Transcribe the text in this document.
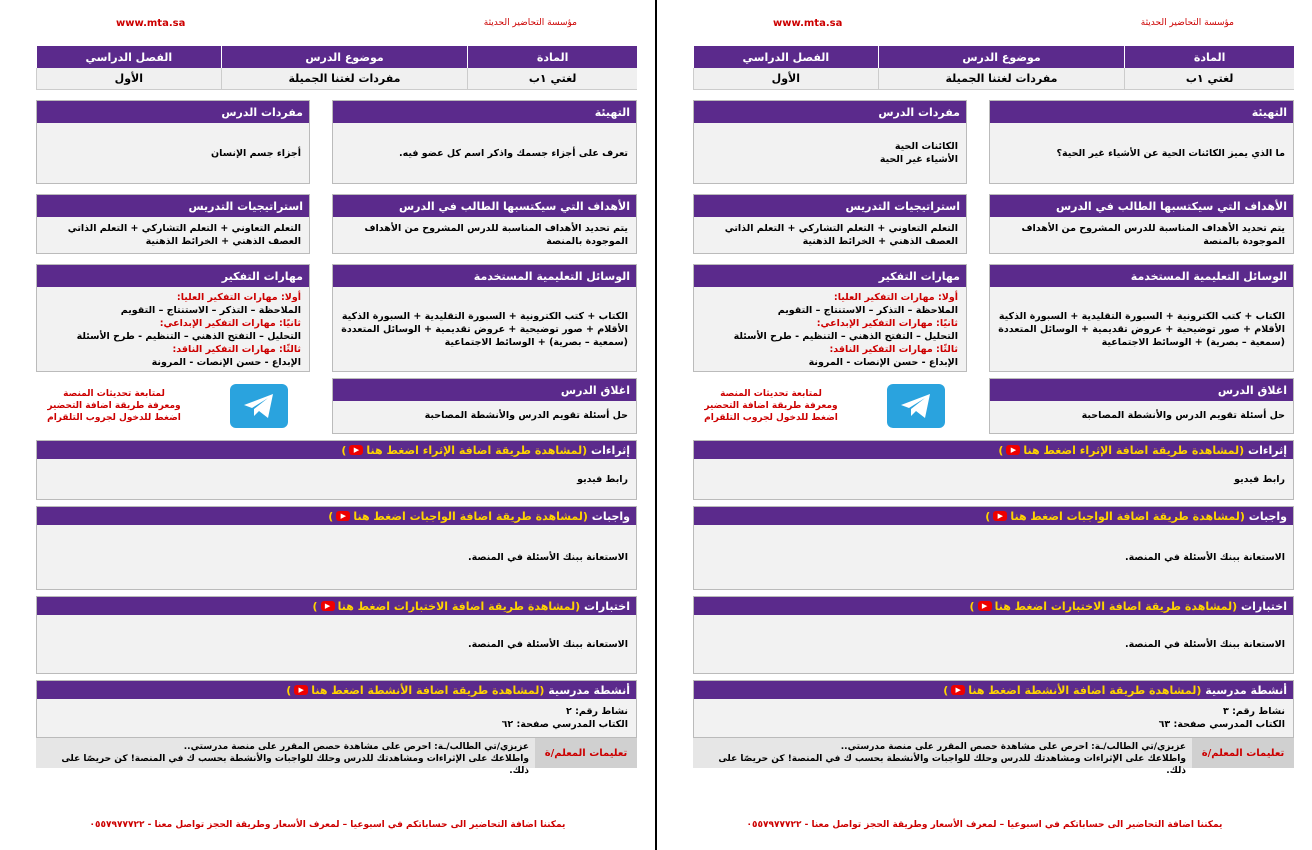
www.mta.sa	مؤسسة التحاضير الحديثة
المادة
موضوع الدرس
الفصل الدراسي
لغتي ١ب
مفردات لغتنا الجميلة
الأول
التهيئة
تعرف على أجزاء جسمك واذكر اسم كل عضو فيه.
مفردات الدرس
أجزاء جسم الإنسان
الأهداف التي سيكتسبها الطالب في الدرس
يتم تحديد الأهداف المناسبة للدرس المشروح من الأهداف الموجودة بالمنصة
استراتيجيات التدريس
التعلم التعاوني + التعلم التشاركي + التعلم الذاتي
العصف الذهني + الخرائط الذهنية
الوسائل التعليمية المستخدمة
الكتاب + كتب الكترونية + السبورة التقليدية + السبورة الذكية
الأقلام + صور توضيحية + عروض تقديمية + الوسائل المتعددة
(سمعية – بصرية) + الوسائط الاجتماعية
مهارات التفكير
أولا: مهارات التفكير العليا:
الملاحظة – التذكر – الاستنتاج – التقويم
ثانيًا: مهارات التفكير الإبداعي:
التحليل – التفتح الذهني – التنظيم - طرح الأسئلة
ثالثًا: مهارات التفكير الناقد:
الإبداع - حسن الإنصات - المرونة
اغلاق الدرس
حل أسئلة تقويم الدرس والأنشطة المصاحبة
لمتابعة تحديثات المنصة
ومعرفة طريقة اضافة التحضير
اضغط للدخول لجروب التلقرام
إثراءات

(لمشاهدة طريقة اضافة الإثراء اضغط هنا
▶
)
رابط فيديو
واجبات

(لمشاهدة طريقة اضافة الواجبات اضغط هنا
▶
)
الاستعانة ببنك الأسئلة في المنصة.
اختبارات

(لمشاهدة طريقة اضافة الاختبارات اضغط هنا
▶
)
الاستعانة ببنك الأسئلة في المنصة.
أنشطة مدرسية

(لمشاهدة طريقة اضافة الأنشطة اضغط هنا
▶
)
نشاط رقم: ٢
الكتاب المدرسي صفحة: ٦٢
تعليمات المعلم/ة
عزيزي/تي الطالب/ـة: احرص على مشاهدة حصص المقرر على منصة مدرستي..
واطلاعك على الإثراءات ومشاهدتك للدرس وحلك للواجبات والأنشطة بحسب ك في المنصة! كن حريصًا على ذلك.
يمكننا اضافة التحاضير الى حساباتكم في اسبوعيا – لمعرف الأسعار وطريقة الحجز تواصل معنا - ٠٥٥٧٩٧٧٧٢٢
www.mta.sa	مؤسسة التحاضير الحديثة
المادة
موضوع الدرس
الفصل الدراسي
لغتي ١ب
مفردات لغتنا الجميلة
الأول
التهيئة
ما الذي يميز الكائنات الحية عن الأشياء غير الحية؟
مفردات الدرس
الكائنات الحية
الأشياء غير الحية
الأهداف التي سيكتسبها الطالب في الدرس
يتم تحديد الأهداف المناسبة للدرس المشروح من الأهداف الموجودة بالمنصة
استراتيجيات التدريس
التعلم التعاوني + التعلم التشاركي + التعلم الذاتي
العصف الذهني + الخرائط الذهنية
الوسائل التعليمية المستخدمة
الكتاب + كتب الكترونية + السبورة التقليدية + السبورة الذكية
الأقلام + صور توضيحية + عروض تقديمية + الوسائل المتعددة
(سمعية – بصرية) + الوسائط الاجتماعية
مهارات التفكير
أولا: مهارات التفكير العليا:
الملاحظة – التذكر – الاستنتاج – التقويم
ثانيًا: مهارات التفكير الإبداعي:
التحليل – التفتح الذهني – التنظيم - طرح الأسئلة
ثالثًا: مهارات التفكير الناقد:
الإبداع - حسن الإنصات - المرونة
اغلاق الدرس
حل أسئلة تقويم الدرس والأنشطة المصاحبة
لمتابعة تحديثات المنصة
ومعرفة طريقة اضافة التحضير
اضغط للدخول لجروب التلقرام
إثراءات

(لمشاهدة طريقة اضافة الإثراء اضغط هنا
▶
)
رابط فيديو
واجبات

(لمشاهدة طريقة اضافة الواجبات اضغط هنا
▶
)
الاستعانة ببنك الأسئلة في المنصة.
اختبارات

(لمشاهدة طريقة اضافة الاختبارات اضغط هنا
▶
)
الاستعانة ببنك الأسئلة في المنصة.
أنشطة مدرسية

(لمشاهدة طريقة اضافة الأنشطة اضغط هنا
▶
)
نشاط رقم: ٣
الكتاب المدرسي صفحة: ٦٣
تعليمات المعلم/ة
عزيزي/تي الطالب/ـة: احرص على مشاهدة حصص المقرر على منصة مدرستي..
واطلاعك على الإثراءات ومشاهدتك للدرس وحلك للواجبات والأنشطة بحسب ك في المنصة! كن حريصًا على ذلك.
يمكننا اضافة التحاضير الى حساباتكم في اسبوعيا – لمعرف الأسعار وطريقة الحجز تواصل معنا - ٠٥٥٧٩٧٧٧٢٢
